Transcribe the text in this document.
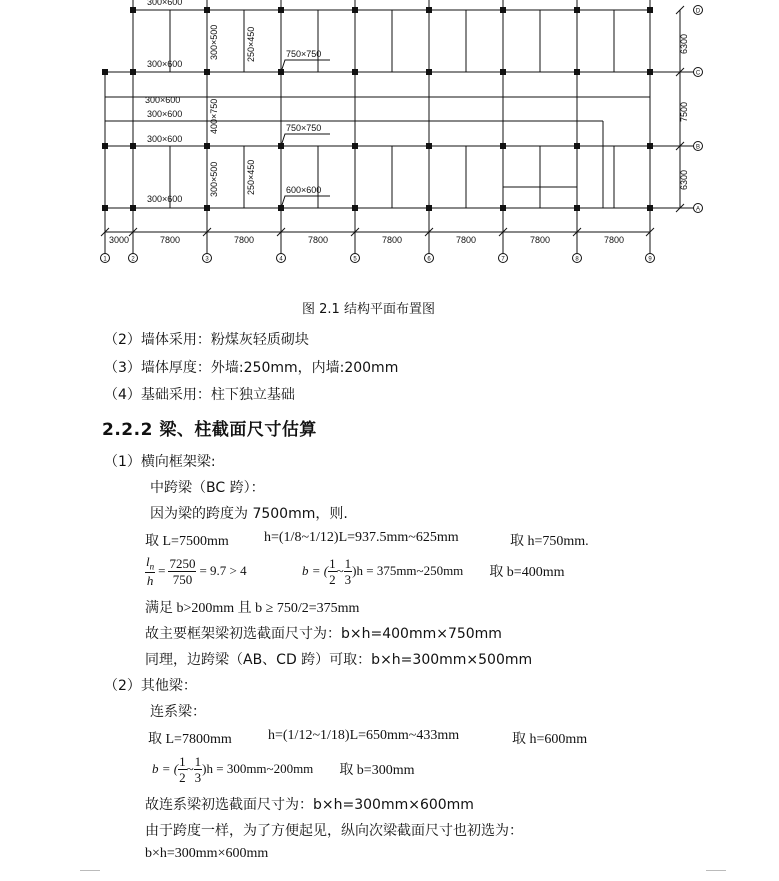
300×600
300×600
300×600
300×600
300×600
300×600
750×750
750×750
600×600
300×500	250×450
400×750
300×500	250×450
6300
7500
6300
3000	7800	7800	7800	7800	7800	7800	7800
1	2	3	4	5	6	7	8	9
D
C
B
A
图 2.1 结构平面布置图
（2）墙体采用：粉煤灰轻质砌块
（3）墙体厚度：外墙:250mm，内墙:200mm
（4）基础采用：柱下独立基础
2.2.2 梁、柱截面尺寸估算
（1）横向框架梁:
中跨梁（BC 跨）：
因为梁的跨度为 7500mm，则.
取 L=7500mm	h=(1/8~1/12)L=937.5mm~625mm	取 h=750mm.
$\frac{l_n}{h} = \frac{7250}{750} = 9.7 > 4$	b = ( $\frac{1}{2}$ ~ $\frac{1}{3} )h$ = 375mm~250mm 取 b=400mm
满足 b>200mm 且 b ≥ 750/2=375mm
故主要框架梁初选截面尺寸为：b×h=400mm×750mm
同理，边跨梁（AB、CD 跨）可取：b×h=300mm×500mm
（2）其他梁：
连系梁：
取 L=7800mm	h=(1/12~1/18)L=650mm~433mm	取 h=600mm
b = ( $\frac{1}{2}$ ~ $\frac{1}{3} )h$ = 300mm~200mm 取 b=300mm
故连系梁初选截面尺寸为：b×h=300mm×600mm
由于跨度一样，为了方便起见，纵向次梁截面尺寸也初选为：
b×h=300mm×600mm
